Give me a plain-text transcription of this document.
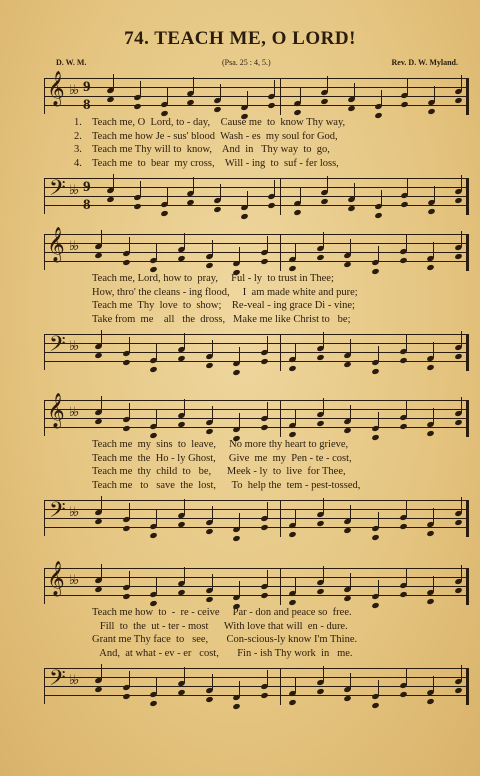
74. TEACH ME, O LORD!
D. W. M.	(Psa. 25 : 4, 5.)	Rev. D. W. Myland.
𝄞 ♭♭ 9
8
1. Teach me, O  Lord, to - day,    Cause me  to  know Thy way,
2. Teach me how Je - sus' blood  Wash - es  my soul for God,
3. Teach me Thy will to  know,    And  in   Thy way  to  go,
4. Teach me  to  bear  my cross,    Will - ing  to  suf - fer loss,
𝄢 ♭♭ 9
8
𝄞 ♭♭
Teach me, Lord, how to  pray,     Ful - ly  to trust in Thee;
How, thro' the cleans - ing flood,     I  am made white and pure;
Teach me  Thy  love  to  show;    Re-veal - ing grace Di - vine;
Take from  me    all   the  dross,   Make me like Christ to   be;
𝄢 ♭♭
𝄞 ♭♭
Teach me  my  sins  to  leave,     No more thy heart to grieve,
Teach me  the  Ho - ly Ghost,     Give  me  my  Pen - te - cost,
Teach me  thy  child  to   be,      Meek - ly  to  live  for Thee,
Teach me   to   save  the  lost,      To  help the  tem - pest-tossed,
𝄢 ♭♭
𝄞 ♭♭
Teach me how  to  -  re - ceive     Par - don and peace so  free.
Fill  to  the  ut - ter - most      With love that will  en - dure.
Grant me Thy face  to   see,       Con-scious-ly know I'm Thine.
And,  at what - ev - er   cost,       Fin - ish Thy work  in   me.
𝄢 ♭♭
